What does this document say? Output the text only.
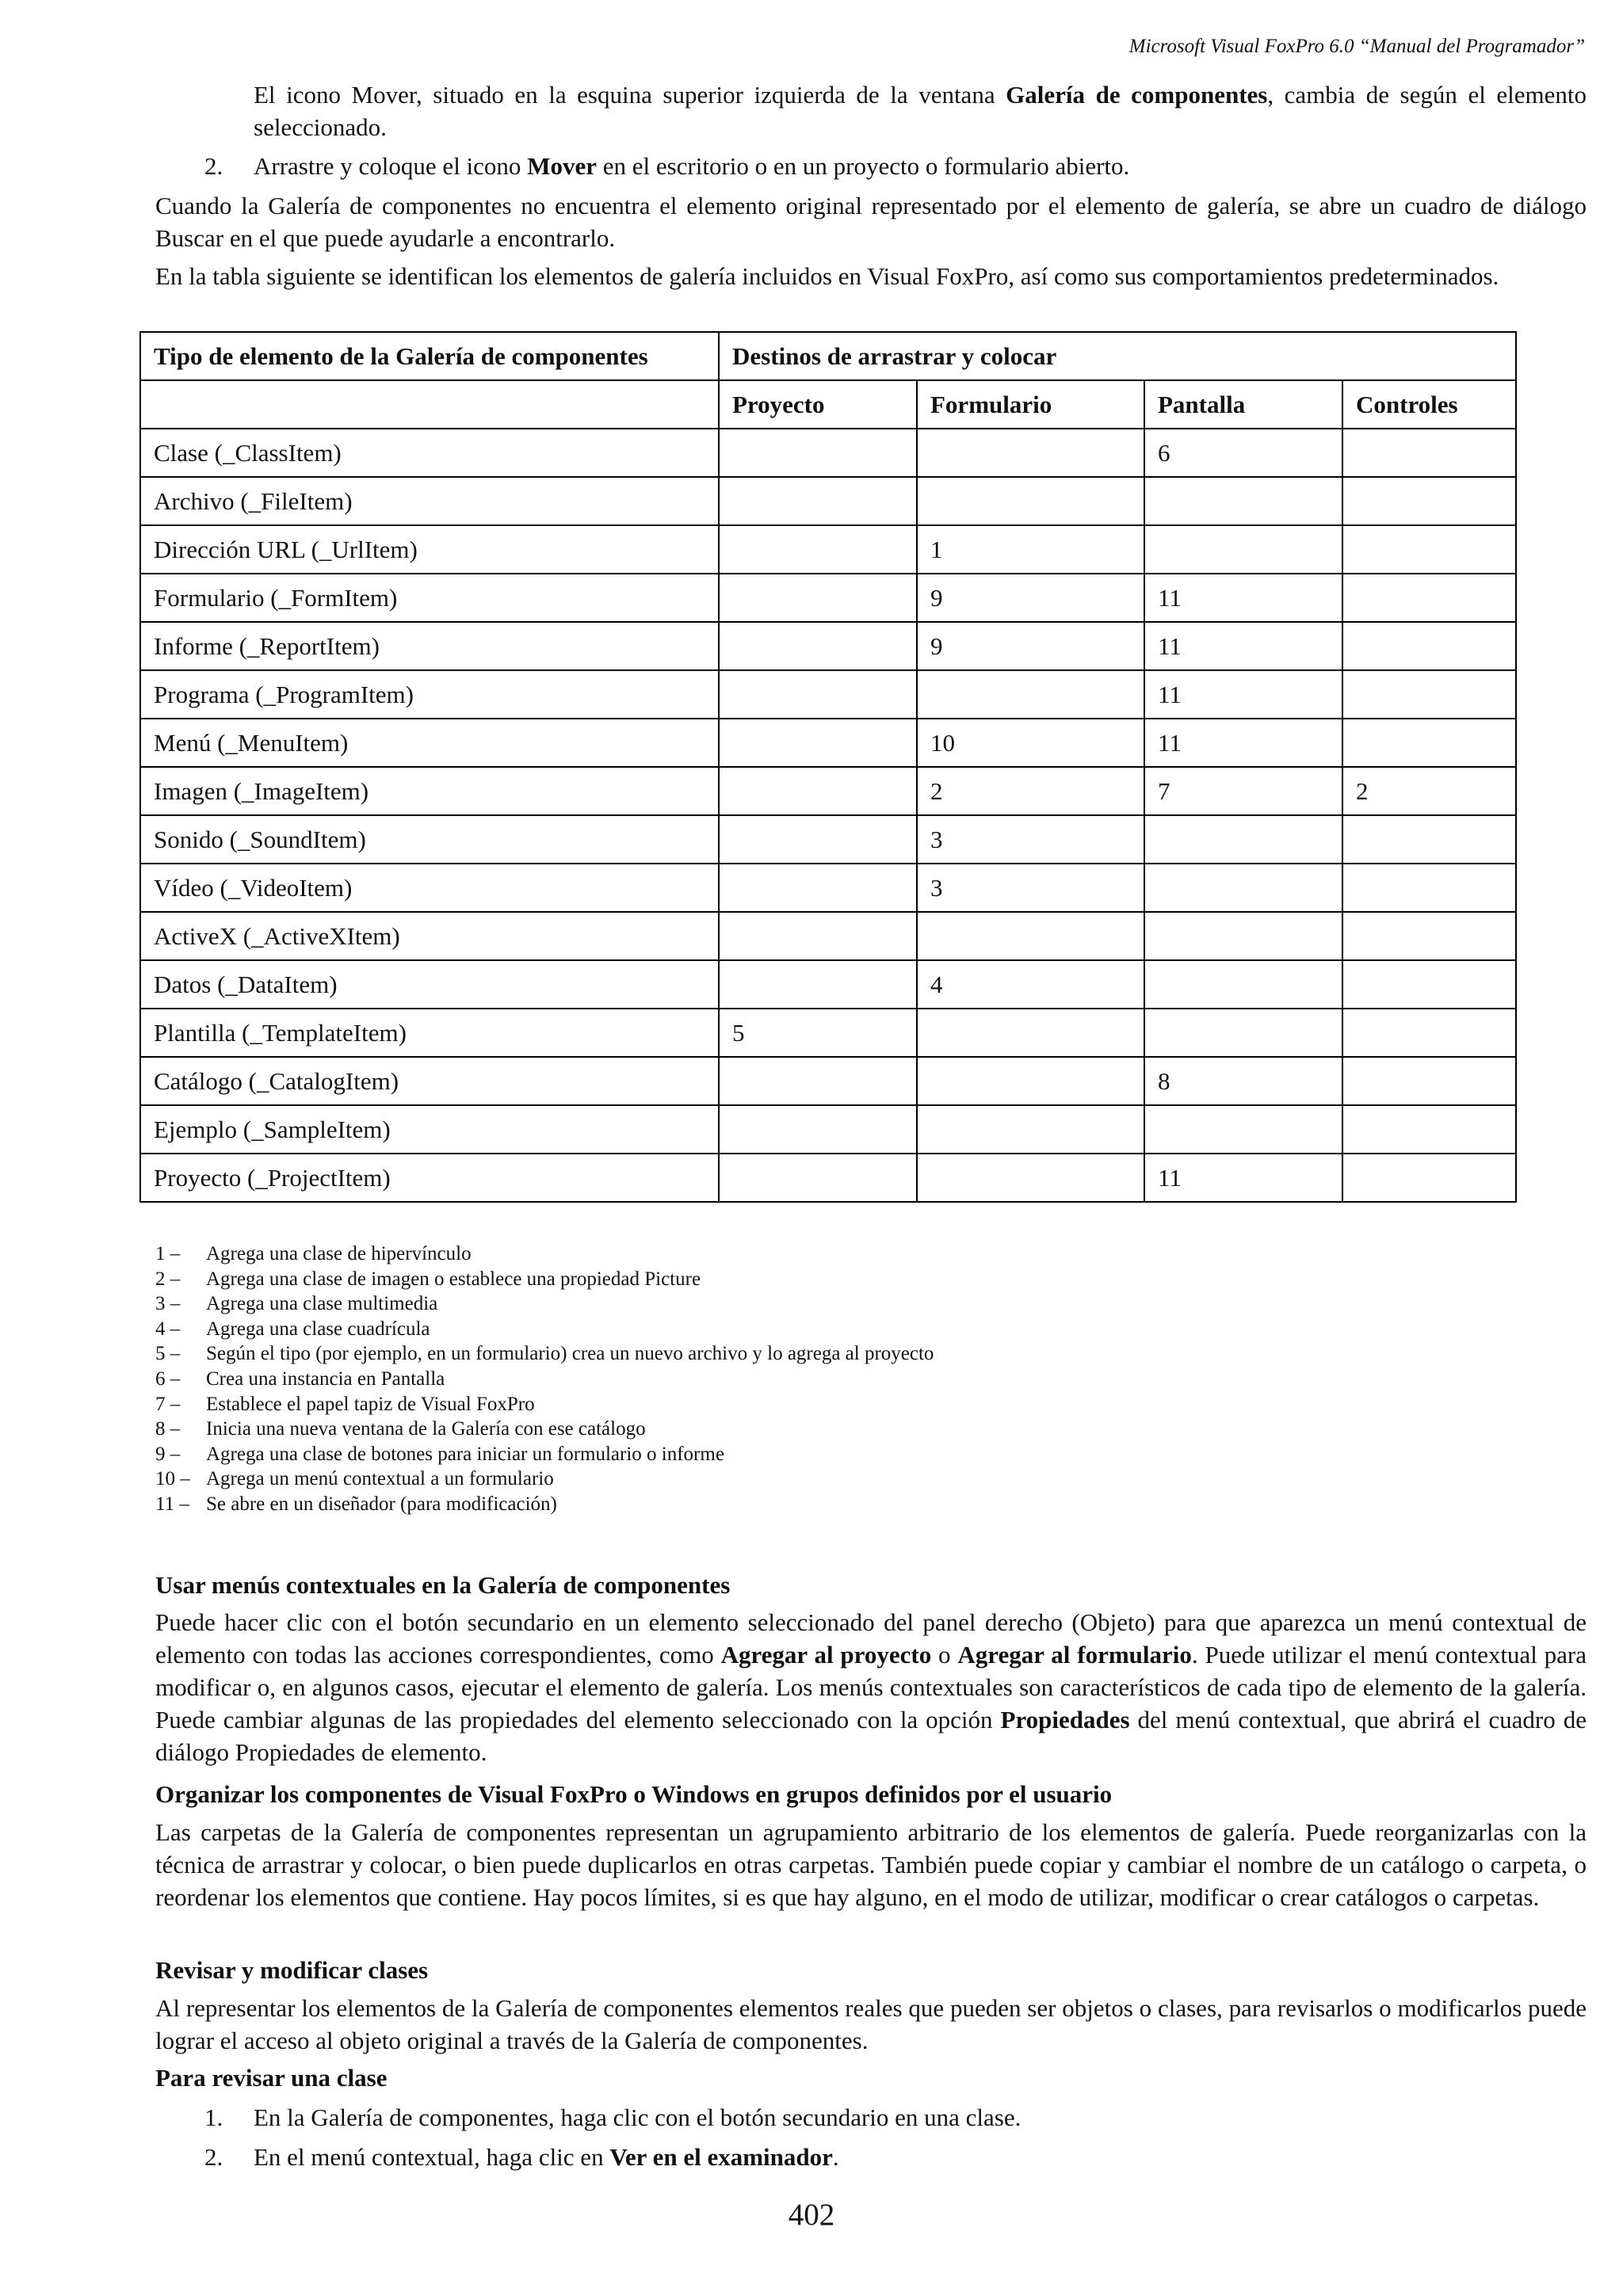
Microsoft Visual FoxPro 6.0 “Manual del Programador”

El icono Mover, situado en la esquina superior izquierda de la ventana Galería de componentes, cambia de según el elemento seleccionado.

2. Arrastre y coloque el icono Mover en el escritorio o en un proyecto o formulario abierto.

Cuando la Galería de componentes no encuentra el elemento original representado por el elemento de galería, se abre un cuadro de diálogo Buscar en el que puede ayudarle a encontrarlo.

En la tabla siguiente se identifican los elementos de galería incluidos en Visual FoxPro, así como sus comportamientos predeterminados.

Tipo de elemento de la Galería de componentes	Destinos de arrastrar y colocar			
	Proyecto	Formulario	Pantalla	Controles
Clase (_ClassItem)			6	
Archivo (_FileItem)				
Dirección URL (_UrlItem)		1		
Formulario (_FormItem)		9	11	
Informe (_ReportItem)		9	11	
Programa (_ProgramItem)			11	
Menú (_MenuItem)		10	11	
Imagen (_ImageItem)		2	7	2
Sonido (_SoundItem)		3		
Vídeo (_VideoItem)		3		
ActiveX (_ActiveXItem)				
Datos (_DataItem)		4		
Plantilla (_TemplateItem)	5			
Catálogo (_CatalogItem)			8	
Ejemplo (_SampleItem)				
Proyecto (_ProjectItem)			11	
1 – Agrega una clase de hipervínculo
2 – Agrega una clase de imagen o establece una propiedad Picture
3 – Agrega una clase multimedia
4 – Agrega una clase cuadrícula
5 – Según el tipo (por ejemplo, en un formulario) crea un nuevo archivo y lo agrega al proyecto
6 – Crea una instancia en Pantalla
7 – Establece el papel tapiz de Visual FoxPro
8 – Inicia una nueva ventana de la Galería con ese catálogo
9 – Agrega una clase de botones para iniciar un formulario o informe
10 – Agrega un menú contextual a un formulario
11 – Se abre en un diseñador (para modificación)

Usar menús contextuales en la Galería de componentes

Puede hacer clic con el botón secundario en un elemento seleccionado del panel derecho (Objeto) para que aparezca un menú contextual de elemento con todas las acciones correspondientes, como Agregar al proyecto o Agregar al formulario. Puede utilizar el menú contextual para modificar o, en algunos casos, ejecutar el elemento de galería. Los menús contextuales son característicos de cada tipo de elemento de la galería. Puede cambiar algunas de las propiedades del elemento seleccionado con la opción Propiedades del menú contextual, que abrirá el cuadro de diálogo Propiedades de elemento.

Organizar los componentes de Visual FoxPro o Windows en grupos definidos por el usuario

Las carpetas de la Galería de componentes representan un agrupamiento arbitrario de los elementos de galería. Puede reorganizarlas con la técnica de arrastrar y colocar, o bien puede duplicarlos en otras carpetas. También puede copiar y cambiar el nombre de un catálogo o carpeta, o reordenar los elementos que contiene. Hay pocos límites, si es que hay alguno, en el modo de utilizar, modificar o crear catálogos o carpetas.

Revisar y modificar clases

Al representar los elementos de la Galería de componentes elementos reales que pueden ser objetos o clases, para revisarlos o modificarlos puede lograr el acceso al objeto original a través de la Galería de componentes.

Para revisar una clase

1. En la Galería de componentes, haga clic con el botón secundario en una clase.

2. En el menú contextual, haga clic en Ver en el examinador.

402
